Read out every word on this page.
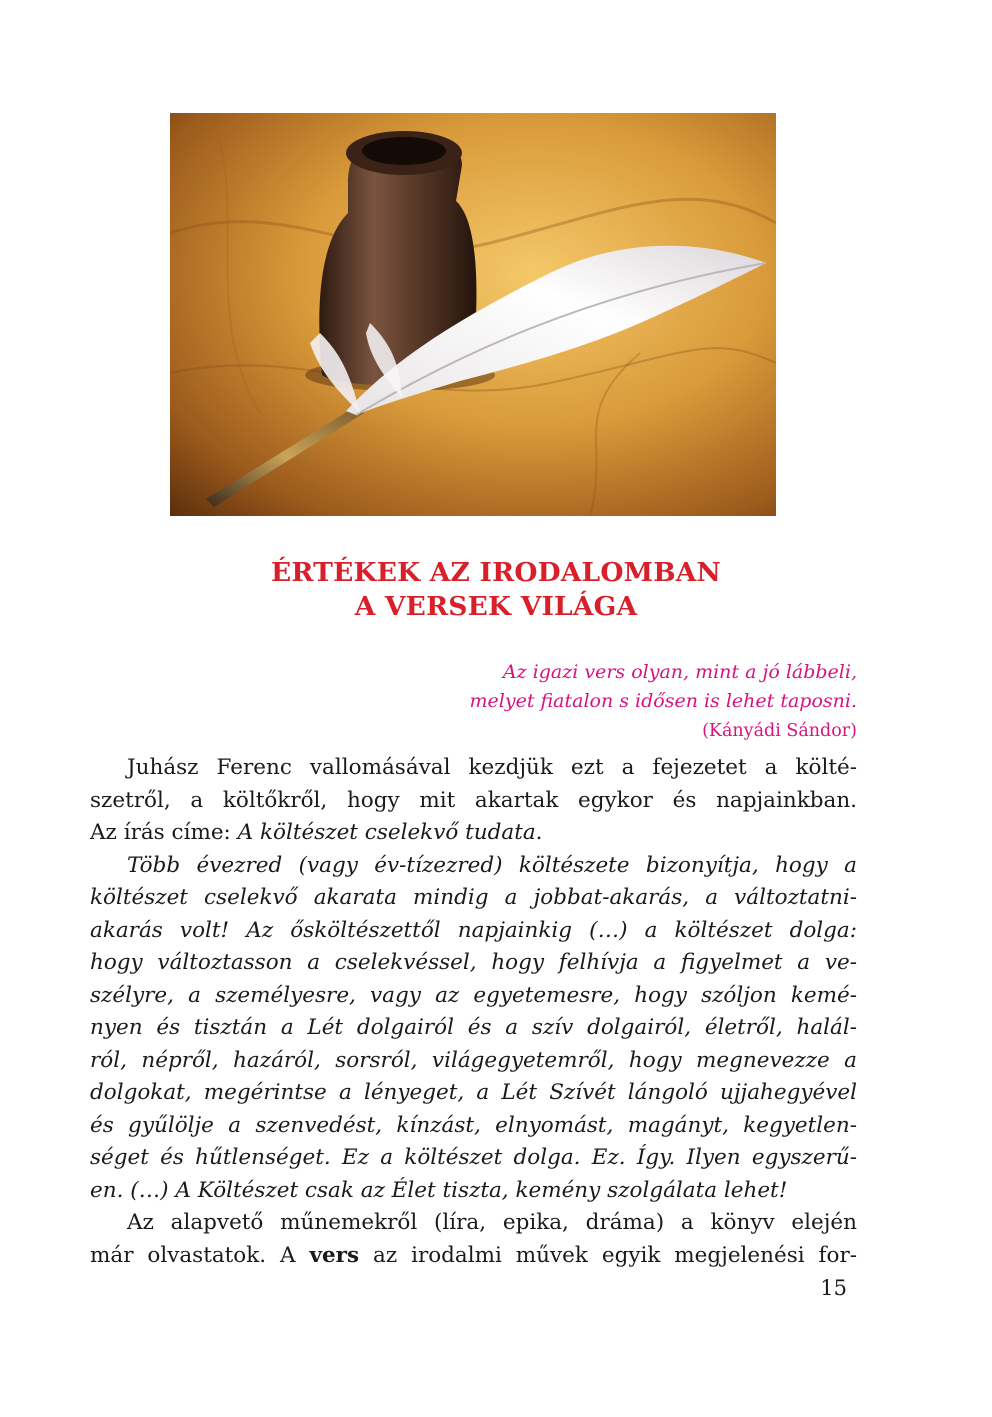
ÉRTÉKEK AZ IRODALOMBAN
A VERSEK VILÁGA
Az igazi vers olyan, mint a jó lábbeli,
melyet fiatalon s idősen is lehet taposni.
(Kányádi Sándor)
Juhász Ferenc vallomásával kezdjük ezt a fejezetet a költé-
szetről, a költőkről, hogy mit akartak egykor és napjainkban.
Az írás címe: A költészet cselekvő tudata.
Több évezred (vagy év-tízezred) költészete bizonyítja, hogy a
költészet cselekvő akarata mindig a jobbat-akarás, a változtatni-
akarás volt! Az ősköltészettől napjainkig (…) a költészet dolga:
hogy változtasson a cselekvéssel, hogy felhívja a figyelmet a ve-
szélyre, a személyesre, vagy az egyetemesre, hogy szóljon kemé-
nyen és tisztán a Lét dolgairól és a szív dolgairól, életről, halál-
ról, népről, hazáról, sorsról, világegyetemről, hogy megnevezze a
dolgokat, megérintse a lényeget, a Lét Szívét lángoló ujjahegyével
és gyűlölje a szenvedést, kínzást, elnyomást, magányt, kegyetlen-
séget és hűtlenséget. Ez a költészet dolga. Ez. Így. Ilyen egyszerű-
en. (…) A Költészet csak az Élet tiszta, kemény szolgálata lehet!
Az alapvető műnemekről (líra, epika, dráma) a könyv elején
már olvastatok. A vers az irodalmi művek egyik megjelenési for-
15
